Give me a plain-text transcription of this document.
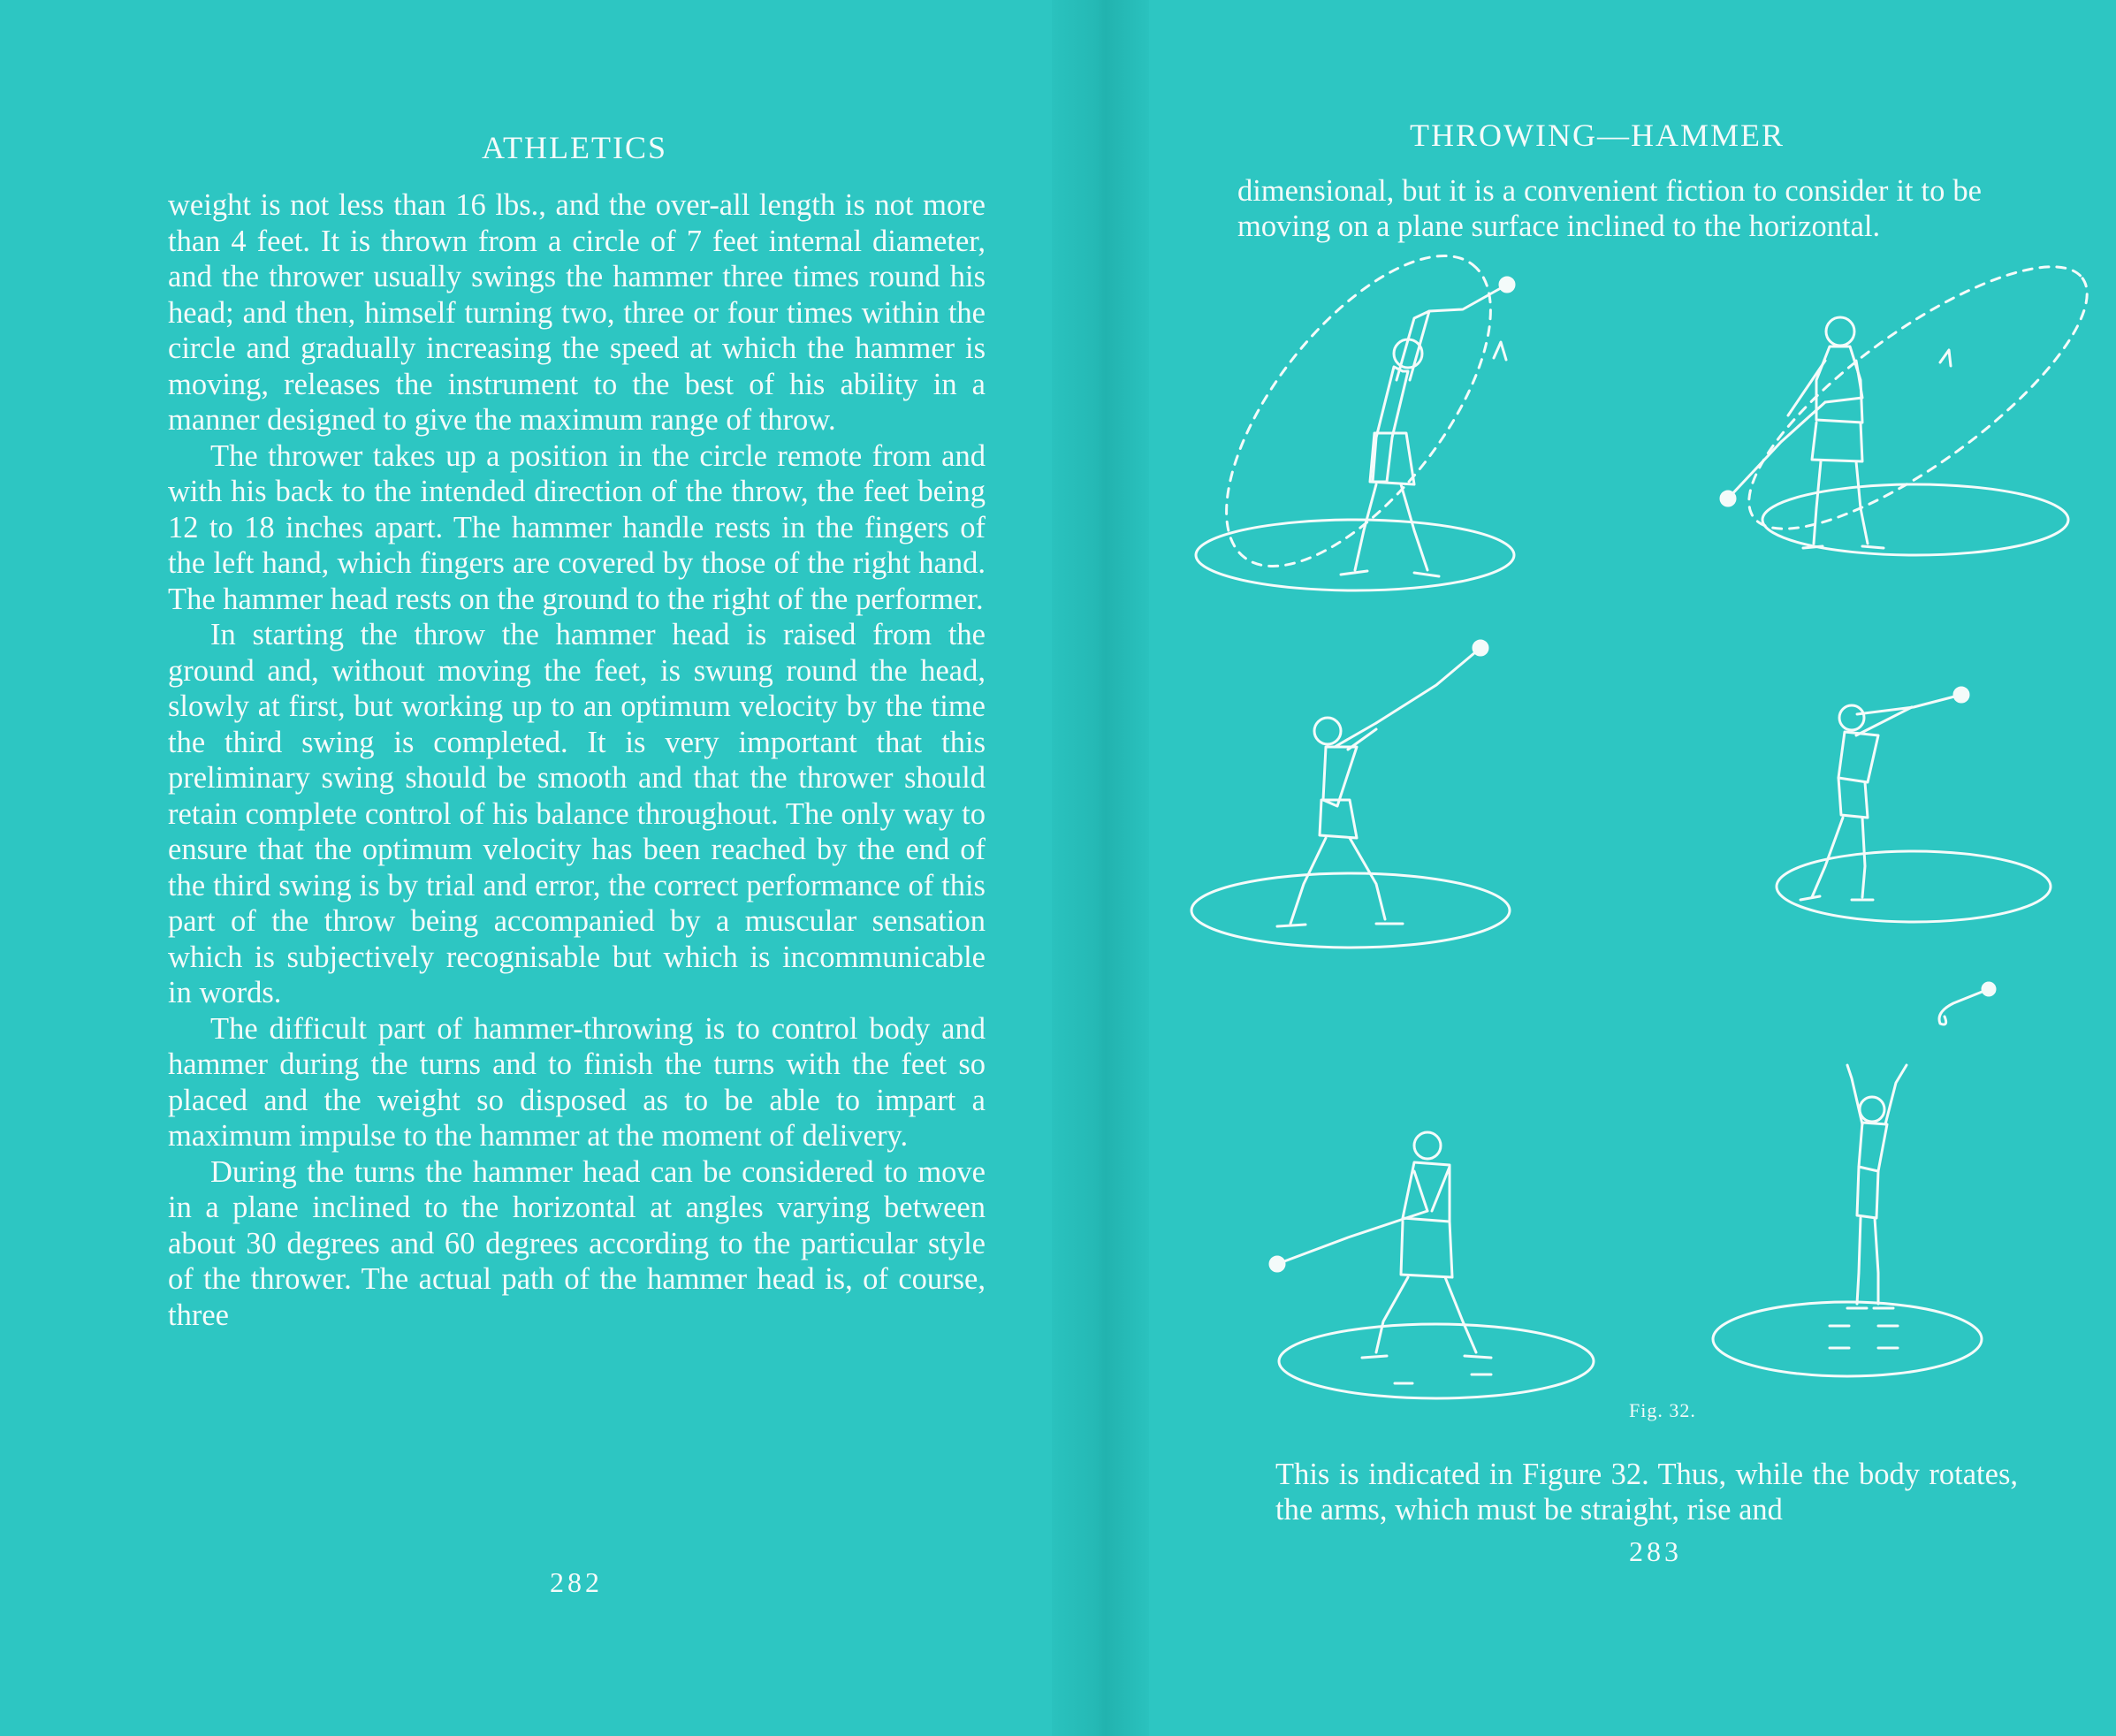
ATHLETICS

weight is not less than 16 lbs., and the over-all length is not more than 4 feet. It is thrown from a circle of 7 feet internal diameter, and the thrower usually swings the hammer three times round his head; and then, himself turning two, three or four times within the circle and gradually increasing the speed at which the hammer is moving, releases the instrument to the best of his ability in a manner designed to give the maximum range of throw.

The thrower takes up a position in the circle remote from and with his back to the intended direction of the throw, the feet being 12 to 18 inches apart. The hammer handle rests in the fingers of the left hand, which fingers are covered by those of the right hand. The hammer head rests on the ground to the right of the performer.

In starting the throw the hammer head is raised from the ground and, without moving the feet, is swung round the head, slowly at first, but working up to an optimum velocity by the time the third swing is completed. It is very important that this preliminary swing should be smooth and that the thrower should retain complete control of his balance throughout. The only way to ensure that the optimum velocity has been reached by the end of the third swing is by trial and error, the correct performance of this part of the throw being accompanied by a muscular sensation which is subjectively recognisable but which is incommunicable in words.

The difficult part of hammer-throwing is to control body and hammer during the turns and to finish the turns with the feet so placed and the weight so disposed as to be able to impart a maximum impulse to the hammer at the moment of delivery.

During the turns the hammer head can be considered to move in a plane inclined to the horizontal at angles varying between about 30 degrees and 60 degrees according to the particular style of the thrower. The actual path of the hammer head is, of course, three

282
THROWING—HAMMER
dimensional, but it is a convenient fiction to consider it to be moving on a plane surface inclined to the horizontal.
Fig. 32.
This is indicated in Figure 32. Thus, while the body rotates, the arms, which must be straight, rise and
283
